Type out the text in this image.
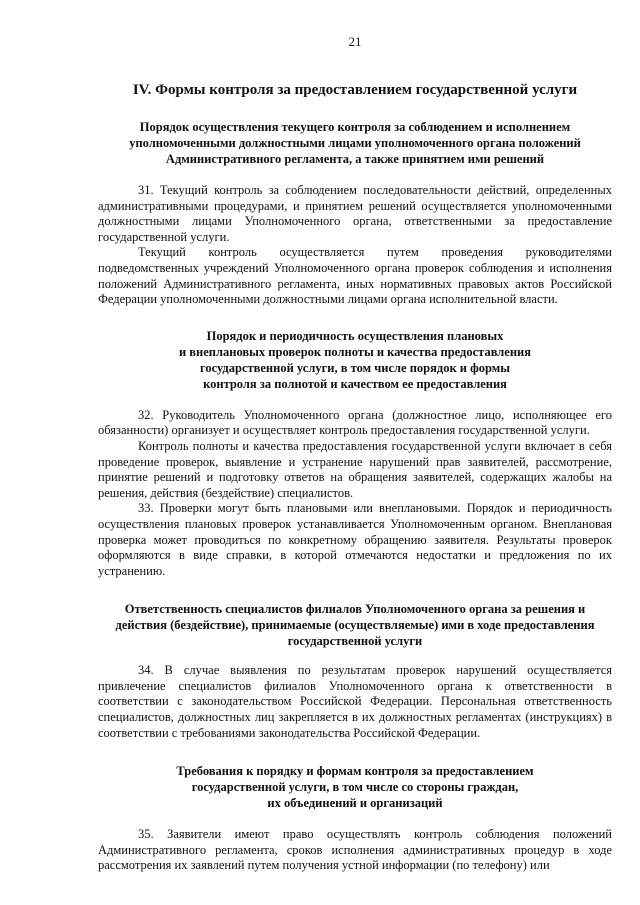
21
IV. Формы контроля за предоставлением государственной услуги
Порядок осуществления текущего контроля за соблюдением и исполнением
уполномоченными должностными лицами уполномоченного органа положений
Административного регламента, а также принятием ими решений

31. Текущий контроль за соблюдением последовательности действий, определенных административными процедурами, и принятием решений осуществляется уполномоченными должностными лицами Уполномоченного органа, ответственными за предоставление государственной услуги.

Текущий контроль осуществляется путем проведения руководителями подведомственных учреждений Уполномоченного органа проверок соблюдения и исполнения положений Административного регламента, иных нормативных правовых актов Российской Федерации уполномоченными должностными лицами органа исполнительной власти.

Порядок и периодичность осуществления плановых
и внеплановых проверок полноты и качества предоставления
государственной услуги, в том числе порядок и формы
контроля за полнотой и качеством ее предоставления

32. Руководитель Уполномоченного органа (должностное лицо, исполняющее его обязанности) организует и осуществляет контроль предоставления государственной услуги.

Контроль полноты и качества предоставления государственной услуги включает в себя проведение проверок, выявление и устранение нарушений прав заявителей, рассмотрение, принятие решений и подготовку ответов на обращения заявителей, содержащих жалобы на решения, действия (бездействие) специалистов.

33. Проверки могут быть плановыми или внеплановыми. Порядок и периодичность осуществления плановых проверок устанавливается Уполномоченным органом. Внеплановая проверка может проводиться по конкретному обращению заявителя. Результаты проверок оформляются в виде справки, в которой отмечаются недостатки и предложения по их устранению.

Ответственность специалистов филиалов Уполномоченного органа за решения и
действия (бездействие), принимаемые (осуществляемые) ими в ходе предоставления
государственной услуги

34. В случае выявления по результатам проверок нарушений осуществляется привлечение специалистов филиалов Уполномоченного органа к ответственности в соответствии с законодательством Российской Федерации. Персональная ответственность специалистов, должностных лиц закрепляется в их должностных регламентах (инструкциях) в соответствии с требованиями законодательства Российской Федерации.

Требования к порядку и формам контроля за предоставлением
государственной услуги, в том числе со стороны граждан,
их объединений и организаций

35. Заявители имеют право осуществлять контроль соблюдения положений Административного регламента, сроков исполнения административных процедур в ходе рассмотрения их заявлений путем получения устной информации (по телефону) или
